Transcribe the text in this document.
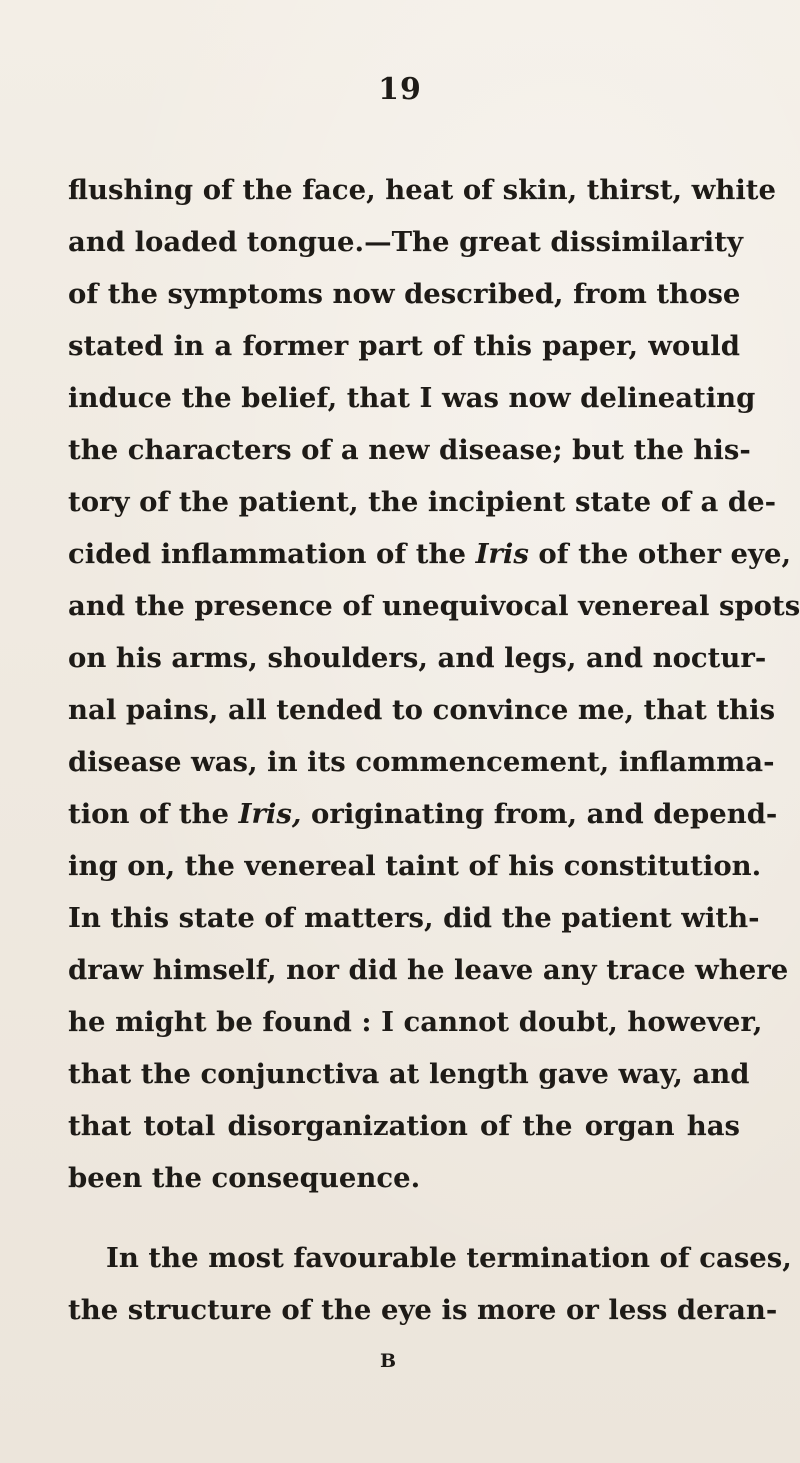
19
flushing of the face, heat of skin, thirst, white
and loaded tongue.—The great dissimilarity
of the symptoms now described, from those
stated in a former part of this paper, would
induce the belief, that I was now delineating
the characters of a new disease; but the his-
tory of the patient, the incipient state of a de-
cided inflammation of the Iris of the other eye,
and the presence of unequivocal venereal spots
on his arms, shoulders, and legs, and noctur-
nal pains, all tended to convince me, that this
disease was, in its commencement, inflamma-
tion of the Iris, originating from, and depend-
ing on, the venereal taint of his constitution.
In this state of matters, did the patient with-
draw himself, nor did he leave any trace where
he might be found : I cannot doubt, however,
that the conjunctiva at length gave way, and
that total disorganization of the organ has
been the consequence.
In the most favourable termination of cases,
the structure of the eye is more or less deran-
B
